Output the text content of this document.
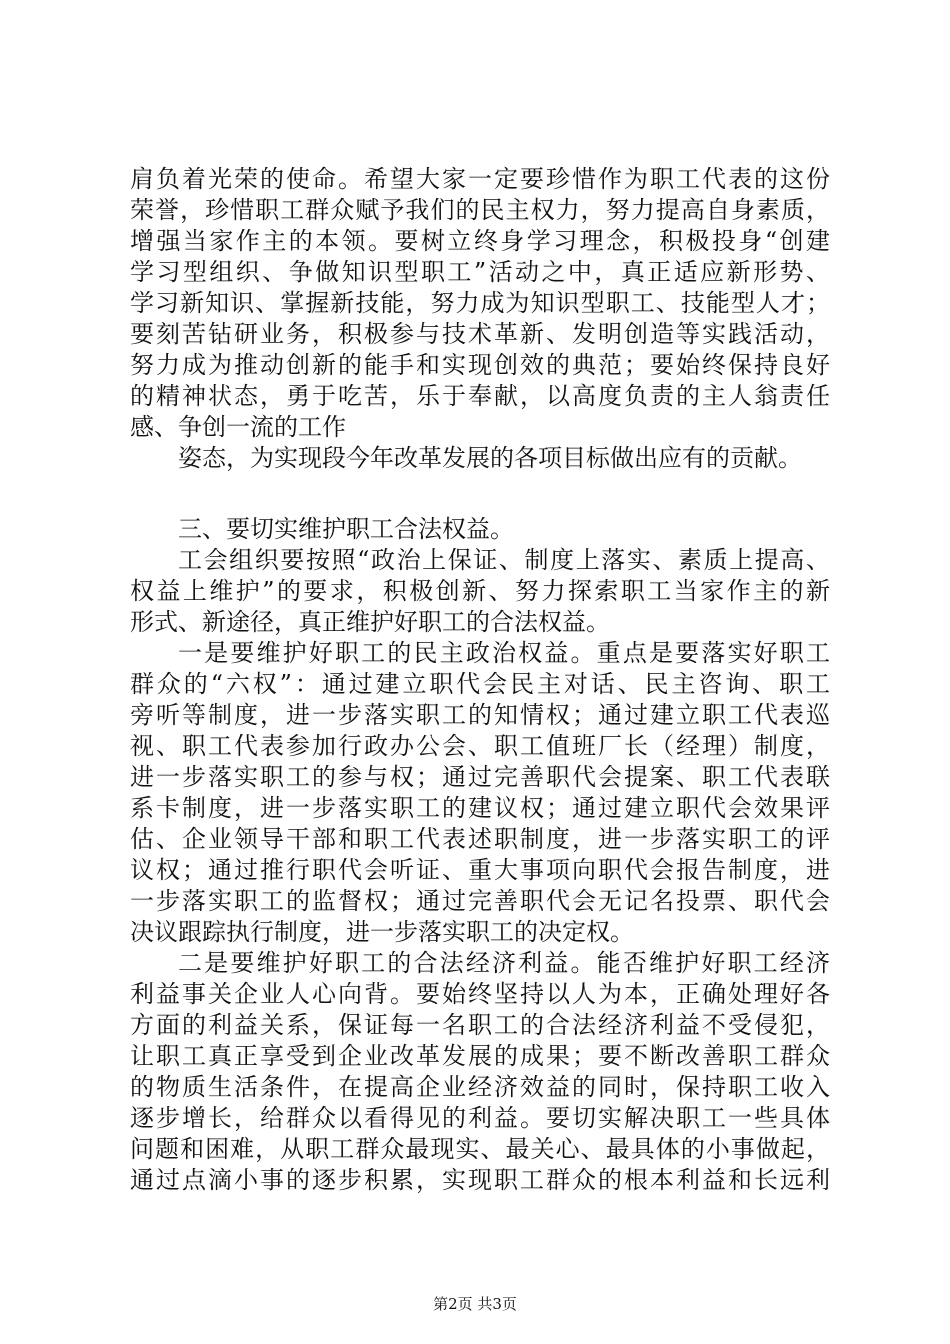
肩负着光荣的使命。希望大家一定要珍惜作为职工代表的这份
荣誉，珍惜职工群众赋予我们的民主权力，努力提高自身素质，
增强当家作主的本领。要树立终身学习理念，积极投身“创建
学习型组织、争做知识型职工”活动之中，真正适应新形势、
学习新知识、掌握新技能，努力成为知识型职工、技能型人才；
要刻苦钻研业务，积极参与技术革新、发明创造等实践活动，
努力成为推动创新的能手和实现创效的典范；要始终保持良好
的精神状态，勇于吃苦，乐于奉献，以高度负责的主人翁责任
感、争创一流的工作
姿态，为实现段今年改革发展的各项目标做出应有的贡献。
三、要切实维护职工合法权益。
工会组织要按照“政治上保证、制度上落实、素质上提高、
权益上维护”的要求，积极创新、努力探索职工当家作主的新
形式、新途径，真正维护好职工的合法权益。
一是要维护好职工的民主政治权益。重点是要落实好职工
群众的“六权”：通过建立职代会民主对话、民主咨询、职工
旁听等制度，进一步落实职工的知情权；通过建立职工代表巡
视、职工代表参加行政办公会、职工值班厂长（经理）制度，
进一步落实职工的参与权；通过完善职代会提案、职工代表联
系卡制度，进一步落实职工的建议权；通过建立职代会效果评
估、企业领导干部和职工代表述职制度，进一步落实职工的评
议权；通过推行职代会听证、重大事项向职代会报告制度，进
一步落实职工的监督权；通过完善职代会无记名投票、职代会
决议跟踪执行制度，进一步落实职工的决定权。
二是要维护好职工的合法经济利益。能否维护好职工经济
利益事关企业人心向背。要始终坚持以人为本，正确处理好各
方面的利益关系，保证每一名职工的合法经济利益不受侵犯，
让职工真正享受到企业改革发展的成果；要不断改善职工群众
的物质生活条件，在提高企业经济效益的同时，保持职工收入
逐步增长，给群众以看得见的利益。要切实解决职工一些具体
问题和困难，从职工群众最现实、最关心、最具体的小事做起，
通过点滴小事的逐步积累，实现职工群众的根本利益和长远利
第2页 共3页
